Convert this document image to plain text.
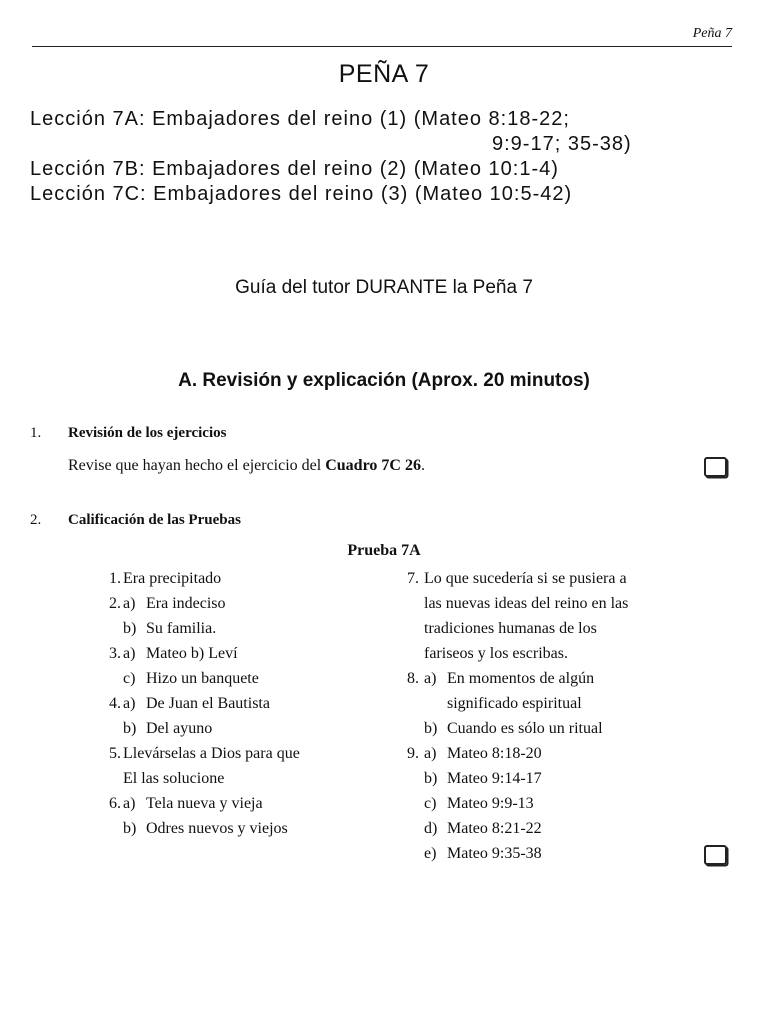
Peña 7
PEÑA 7
Lección 7A: Embajadores del reino (1) (Mateo 8:18-22;
9:9-17; 35-38)
Lección 7B: Embajadores del reino (2) (Mateo 10:1-4)
Lección 7C: Embajadores del reino (3) (Mateo 10:5-42)
Guía del tutor DURANTE la Peña 7
A. Revisión y explicación (Aprox. 20 minutos)
1. Revisión de los ejercicios
Revise que hayan hecho el ejercicio del Cuadro 7C 26.
2. Calificación de las Pruebas
Prueba 7A
1. Era precipitado
2. a) Era indeciso
b) Su familia.
3. a) Mateo b) Leví
c) Hizo un banquete
4. a) De Juan el Bautista
b) Del ayuno
5. Llevárselas a Dios para que
El las solucione
6. a) Tela nueva y vieja
b) Odres nuevos y viejos
7. Lo que sucedería si se pusiera a
las nuevas ideas del reino en las
tradiciones humanas de los
fariseos y los escribas.
8. a) En momentos de algún
significado espiritual
b) Cuando es sólo un ritual
9. a) Mateo 8:18-20
b) Mateo 9:14-17
c) Mateo 9:9-13
d) Mateo 8:21-22
e) Mateo 9:35-38
